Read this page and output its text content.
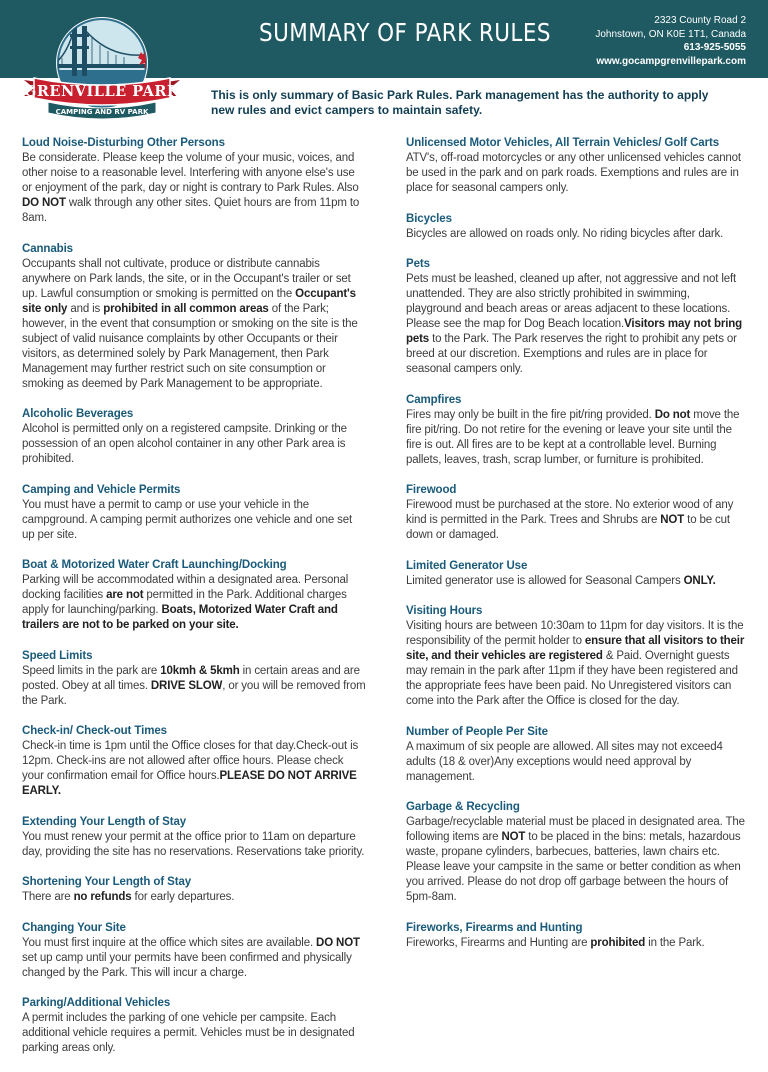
SUMMARY OF PARK RULES	2323 County Road 2
Johnstown, ON K0E 1T1, Canada
613-925-5055
www.gocampgrenvillepark.com
GRENVILLE PARK
CAMPING AND RV PARK
This is only summary of Basic Park Rules. Park management has the authority to apply new rules and evict campers to maintain safety.
Loud Noise-Disturbing Other Persons

Be considerate. Please keep the volume of your music, voices, and other noise to a reasonable level. Interfering with anyone else's use or enjoyment of the park, day or night is contrary to Park Rules. Also DO NOT walk through any other sites. Quiet hours are from 11pm to 8am.

Cannabis

Occupants shall not cultivate, produce or distribute cannabis anywhere on Park lands, the site, or in the Occupant's trailer or set up. Lawful consumption or smoking is permitted on the Occupant's site only and is prohibited in all common areas of the Park; however, in the event that consumption or smoking on the site is the subject of valid nuisance complaints by other Occupants or their visitors, as determined solely by Park Management, then Park Management may further restrict such on site consumption or smoking as deemed by Park Management to be appropriate.

Alcoholic Beverages

Alcohol is permitted only on a registered campsite. Drinking or the possession of an open alcohol container in any other Park area is prohibited.

Camping and Vehicle Permits

You must have a permit to camp or use your vehicle in the campground. A camping permit authorizes one vehicle and one set up per site.

Boat & Motorized Water Craft Launching/Docking

Parking will be accommodated within a designated area. Personal docking facilities are not permitted in the Park. Additional charges apply for launching/parking. Boats, Motorized Water Craft and trailers are not to be parked on your site.

Speed Limits

Speed limits in the park are 10kmh & 5kmh in certain areas and are posted. Obey at all times. DRIVE SLOW, or you will be removed from the Park.

Check-in/ Check-out Times

Check-in time is 1pm until the Office closes for that day.Check-out is 12pm. Check-ins are not allowed after office hours. Please check your confirmation email for Office hours.PLEASE DO NOT ARRIVE EARLY.

Extending Your Length of Stay

You must renew your permit at the office prior to 11am on departure day, providing the site has no reservations. Reservations take priority.

Shortening Your Length of Stay

There are no refunds for early departures.

Changing Your Site

You must first inquire at the office which sites are available. DO NOT set up camp until your permits have been confirmed and physically changed by the Park. This will incur a charge.

Parking/Additional Vehicles

A permit includes the parking of one vehicle per campsite. Each additional vehicle requires a permit. Vehicles must be in designated parking areas only.

Unlicensed Motor Vehicles, All Terrain Vehicles/ Golf Carts

ATV's, off-road motorcycles or any other unlicensed vehicles cannot be used in the park and on park roads. Exemptions and rules are in place for seasonal campers only.

Bicycles

Bicycles are allowed on roads only. No riding bicycles after dark.

Pets

Pets must be leashed, cleaned up after, not aggressive and not left unattended. They are also strictly prohibited in swimming, playground and beach areas or areas adjacent to these locations. Please see the map for Dog Beach location.Visitors may not bring pets to the Park. The Park reserves the right to prohibit any pets or breed at our discretion. Exemptions and rules are in place for seasonal campers only.

Campfires

Fires may only be built in the fire pit/ring provided. Do not move the fire pit/ring. Do not retire for the evening or leave your site until the fire is out. All fires are to be kept at a controllable level. Burning pallets, leaves, trash, scrap lumber, or furniture is prohibited.

Firewood

Firewood must be purchased at the store. No exterior wood of any kind is permitted in the Park. Trees and Shrubs are NOT to be cut down or damaged.

Limited Generator Use

Limited generator use is allowed for Seasonal Campers ONLY.

Visiting Hours

Visiting hours are between 10:30am to 11pm for day visitors. It is the responsibility of the permit holder to ensure that all visitors to their site, and their vehicles are registered & Paid. Overnight guests may remain in the park after 11pm if they have been registered and the appropriate fees have been paid. No Unregistered visitors can come into the Park after the Office is closed for the day.

Number of People Per Site

A maximum of six people are allowed. All sites may not exceed4 adults (18 & over)Any exceptions would need approval by management.

Garbage & Recycling

Garbage/recyclable material must be placed in designated area. The following items are NOT to be placed in the bins: metals, hazardous waste, propane cylinders, barbecues, batteries, lawn chairs etc. Please leave your campsite in the same or better condition as when you arrived. Please do not drop off garbage between the hours of 5pm-8am.

Fireworks, Firearms and Hunting

Fireworks, Firearms and Hunting are prohibited in the Park.
